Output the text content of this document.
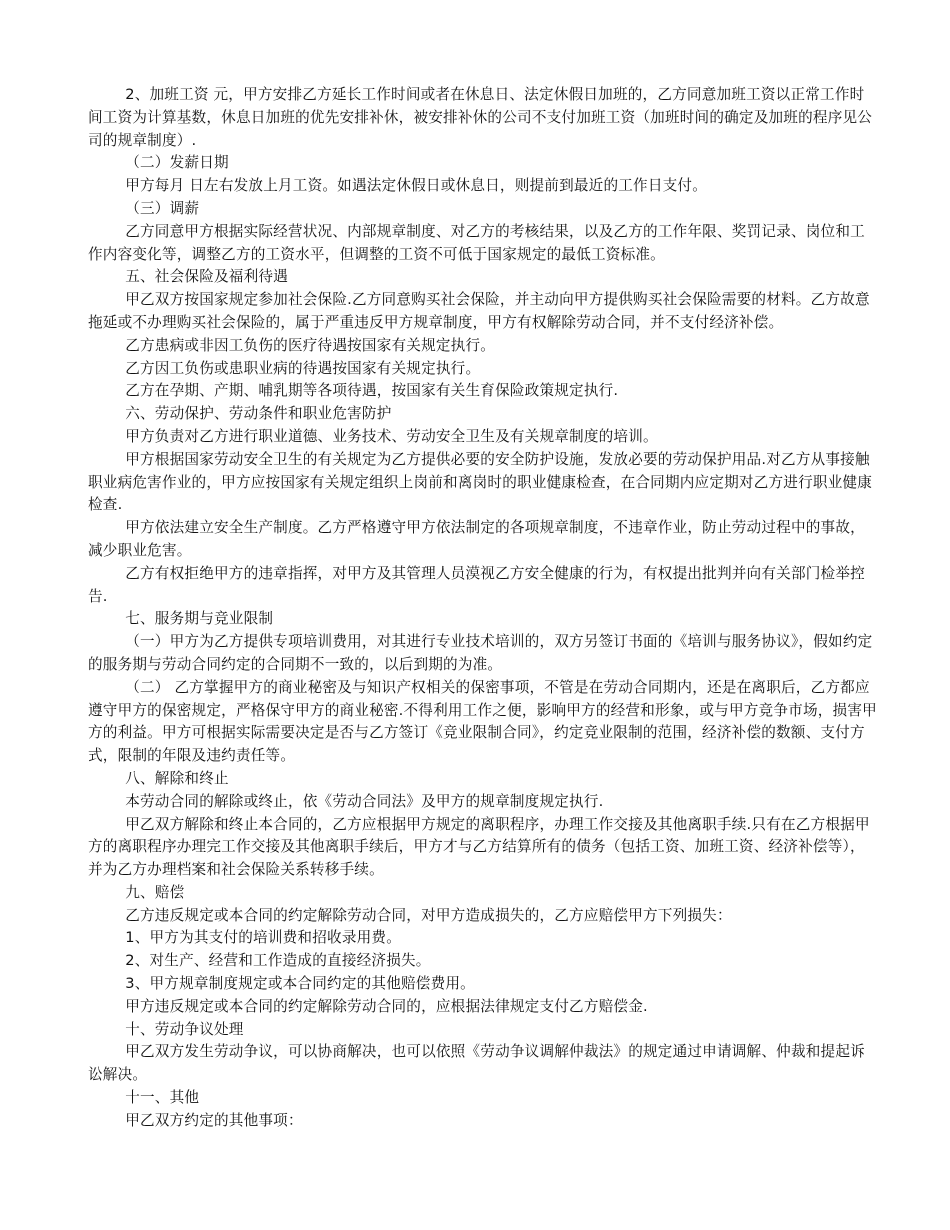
2、加班工资 元，甲方安排乙方延长工作时间或者在休息日、法定休假日加班的，乙方同意加班工资以正常工作时间工资为计算基数，休息日加班的优先安排补休，被安排补休的公司不支付加班工资（加班时间的确定及加班的程序见公司的规章制度）.

（二）发薪日期

甲方每月 日左右发放上月工资。如遇法定休假日或休息日，则提前到最近的工作日支付。

（三）调薪

乙方同意甲方根据实际经营状况、内部规章制度、对乙方的考核结果，以及乙方的工作年限、奖罚记录、岗位和工作内容变化等，调整乙方的工资水平，但调整的工资不可低于国家规定的最低工资标准。

五、社会保险及福利待遇

甲乙双方按国家规定参加社会保险.乙方同意购买社会保险，并主动向甲方提供购买社会保险需要的材料。乙方故意拖延或不办理购买社会保险的，属于严重违反甲方规章制度，甲方有权解除劳动合同，并不支付经济补偿。

乙方患病或非因工负伤的医疗待遇按国家有关规定执行。

乙方因工负伤或患职业病的待遇按国家有关规定执行。

乙方在孕期、产期、哺乳期等各项待遇，按国家有关生育保险政策规定执行.

六、劳动保护、劳动条件和职业危害防护

甲方负责对乙方进行职业道德、业务技术、劳动安全卫生及有关规章制度的培训。

甲方根据国家劳动安全卫生的有关规定为乙方提供必要的安全防护设施，发放必要的劳动保护用品.对乙方从事接触职业病危害作业的，甲方应按国家有关规定组织上岗前和离岗时的职业健康检查，在合同期内应定期对乙方进行职业健康检查.

甲方依法建立安全生产制度。乙方严格遵守甲方依法制定的各项规章制度，不违章作业，防止劳动过程中的事故，减少职业危害。

乙方有权拒绝甲方的违章指挥，对甲方及其管理人员漠视乙方安全健康的行为，有权提出批判并向有关部门检举控告.

七、服务期与竞业限制

（一）甲方为乙方提供专项培训费用，对其进行专业技术培训的，双方另签订书面的《培训与服务协议》，假如约定的服务期与劳动合同约定的合同期不一致的，以后到期的为准。

（二） 乙方掌握甲方的商业秘密及与知识产权相关的保密事项，不管是在劳动合同期内，还是在离职后，乙方都应遵守甲方的保密规定，严格保守甲方的商业秘密.不得利用工作之便，影响甲方的经营和形象，或与甲方竞争市场，损害甲方的利益。甲方可根据实际需要决定是否与乙方签订《竞业限制合同》，约定竞业限制的范围，经济补偿的数额、支付方式，限制的年限及违约责任等。

八、解除和终止

本劳动合同的解除或终止，依《劳动合同法》及甲方的规章制度规定执行.

甲乙双方解除和终止本合同的，乙方应根据甲方规定的离职程序，办理工作交接及其他离职手续.只有在乙方根据甲方的离职程序办理完工作交接及其他离职手续后，甲方才与乙方结算所有的债务（包括工资、加班工资、经济补偿等），并为乙方办理档案和社会保险关系转移手续。

九、赔偿

乙方违反规定或本合同的约定解除劳动合同，对甲方造成损失的，乙方应赔偿甲方下列损失：

1、甲方为其支付的培训费和招收录用费。

2、对生产、经营和工作造成的直接经济损失。

3、甲方规章制度规定或本合同约定的其他赔偿费用。

甲方违反规定或本合同的约定解除劳动合同的，应根据法律规定支付乙方赔偿金.

十、劳动争议处理

甲乙双方发生劳动争议，可以协商解决，也可以依照《劳动争议调解仲裁法》的规定通过申请调解、仲裁和提起诉讼解决。

十一、其他

甲乙双方约定的其他事项：
